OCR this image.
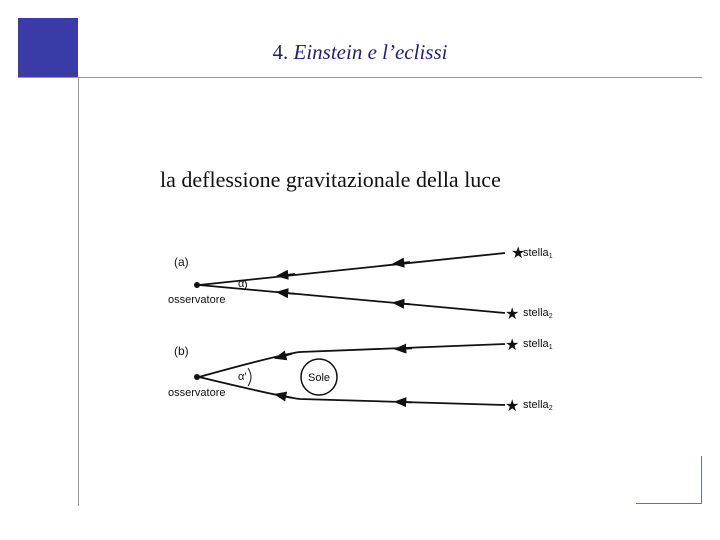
4. Einstein e l’eclissi
la deflessione gravitazionale della luce
(a)
osservatore
α
★
stella1
★ stella2
(b)
osservatore
α′	Sole
★ stella1
★ stella2
